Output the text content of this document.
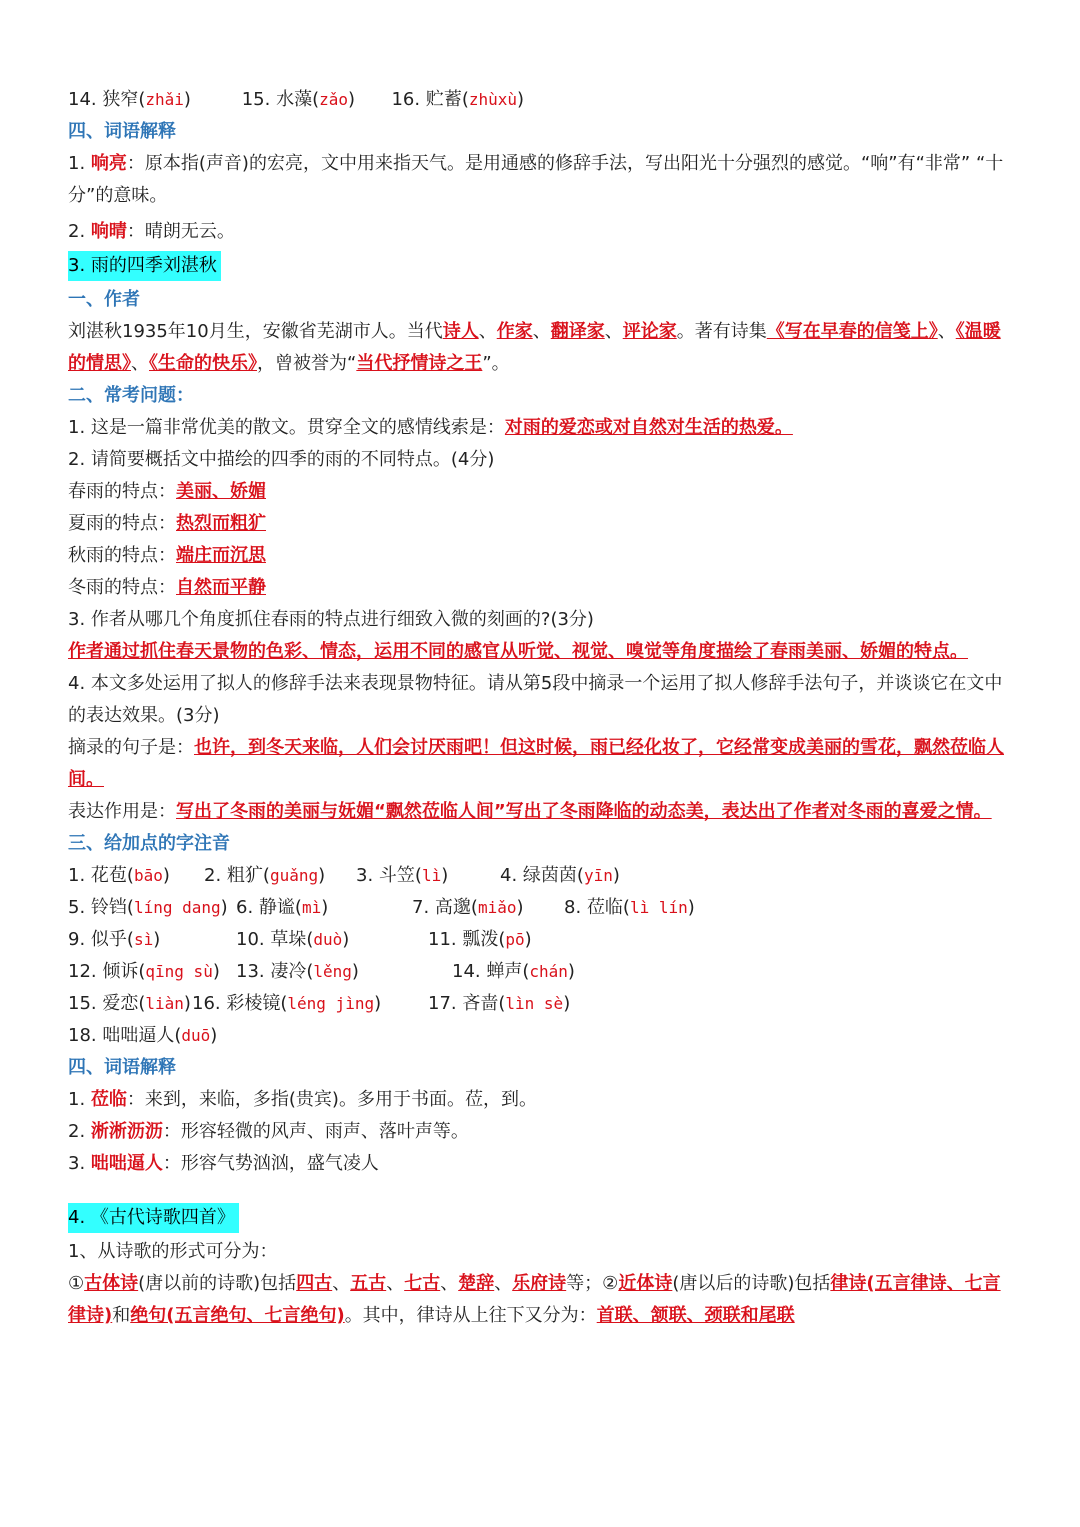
14. 狭窄(zhǎi)	15. 水藻(zǎo) 16. 贮蓄(zhùxù)
四、词语解释
1. 响亮：原本指(声音)的宏亮，文中用来指天气。是用通感的修辞手法，写出阳光十分强烈的感觉。“响”有“非常” “十分”的意味。
2. 响晴：晴朗无云。
3. 雨的四季刘湛秋
一、作者
刘湛秋1935年10月生，安徽省芜湖市人。当代诗人、作家、翻译家、评论家。著有诗集《写在早春的信笺上》、《温暖的情思》、《生命的快乐》，曾被誉为“当代抒情诗之王”。
二、常考问题：
1. 这是一篇非常优美的散文。贯穿全文的感情线索是：对雨的爱恋或对自然对生活的热爱。
2. 请简要概括文中描绘的四季的雨的不同特点。(4分)
春雨的特点：美丽、娇媚
夏雨的特点：热烈而粗犷
秋雨的特点：端庄而沉思
冬雨的特点：自然而平静
3. 作者从哪几个角度抓住春雨的特点进行细致入微的刻画的?(3分)
作者通过抓住春天景物的色彩、情态，运用不同的感官从听觉、视觉、嗅觉等角度描绘了春雨美丽、娇媚的特点。
4. 本文多处运用了拟人的修辞手法来表现景物特征。请从第5段中摘录一个运用了拟人修辞手法句子，并谈谈它在文中的表达效果。(3分)
摘录的句子是：也许，到冬天来临，人们会讨厌雨吧！但这时候，雨已经化妆了，它经常变成美丽的雪花，飘然莅临人间。
表达作用是：写出了冬雨的美丽与妩媚“飘然莅临人间”写出了冬雨降临的动态美，表达出了作者对冬雨的喜爱之情。
三、给加点的字注音
1. 花苞(bāo) 2. 粗犷(guǎng) 3. 斗笠(lì)	4. 绿茵茵(yīn)
5. 铃铛(líng dang) 6. 静谧(mì)	7. 高邈(miǎo) 8. 莅临(lì lín)
9. 似乎(sì)	10. 草垛(duò)	11. 瓢泼(pō)
12. 倾诉(qīng sù) 13. 凄冷(lěng)	14. 蝉声(chán)
15. 爱恋(liàn)16. 彩棱镜(léng jìng)	17. 吝啬(lìn sè)
18. 咄咄逼人(duō)
四、词语解释
1. 莅临：来到，来临，多指(贵宾)。多用于书面。莅，到。
2. 淅淅沥沥：形容轻微的风声、雨声、落叶声等。
3. 咄咄逼人：形容气势汹汹，盛气凌人
4. 《古代诗歌四首》
1、从诗歌的形式可分为：
①古体诗(唐以前的诗歌)包括四古、五古、七古、楚辞、乐府诗等；②近体诗(唐以后的诗歌)包括律诗(五言律诗、七言律诗)和绝句(五言绝句、七言绝句)。其中，律诗从上往下又分为：首联、颔联、颈联和尾联
